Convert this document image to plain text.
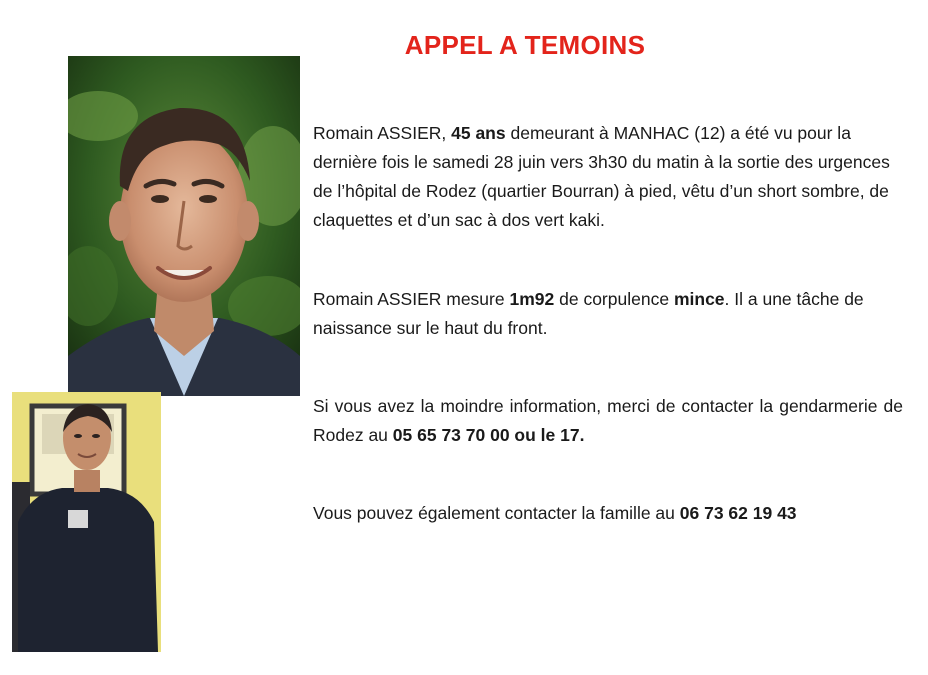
APPEL A TEMOINS

Romain ASSIER, 45 ans demeurant à MANHAC (12) a été vu pour la dernière fois le samedi 28 juin vers 3h30 du matin à la sortie des urgences de l’hôpital de Rodez (quartier Bourran) à pied, vêtu d’un short sombre, de claquettes et d’un sac à dos vert kaki.

Romain ASSIER mesure 1m92 de corpulence mince. Il a une tâche de naissance sur le haut du front.

Si vous avez la moindre information, merci de contacter la gendarmerie de Rodez au 05 65 73 70 00 ou le 17.

Vous pouvez également contacter la famille au 06 73 62 19 43
